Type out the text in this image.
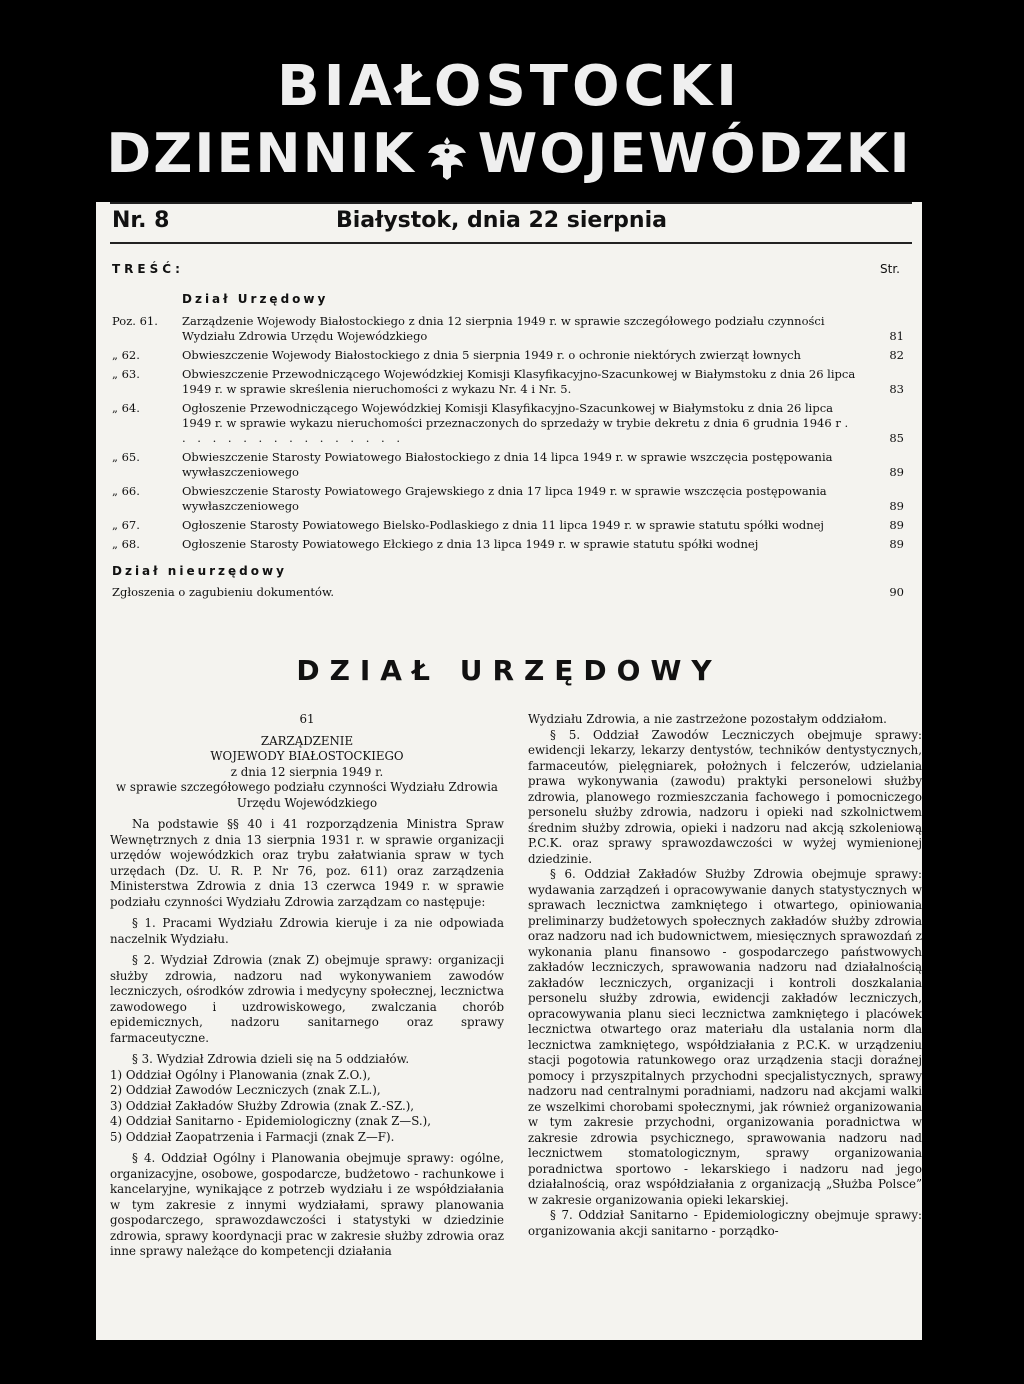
BIAŁOSTOCKI
DZIENNIK WOJEWÓDZKI
Nr. 8	Białystok, dnia 22 sierpnia
TREŚĆ:	Str.
Dział Urzędowy
Poz. 61.	Zarządzenie Wojewody Białostockiego z dnia 12 sierpnia 1949 r. w sprawie szczegółowego podziału czynności Wydziału Zdrowia Urzędu Wojewódzkiego	81
„ 62.	Obwieszczenie Wojewody Białostockiego z dnia 5 sierpnia 1949 r. o ochronie niektórych zwierząt łownych	82
„ 63.	Obwieszczenie Przewodniczącego Wojewódzkiej Komisji Klasyfikacyjno-Szacunkowej w Białymstoku z dnia 26 lipca 1949 r. w sprawie skreślenia nieruchomości z wykazu Nr. 4 i Nr. 5.	83
„ 64.	Ogłoszenie Przewodniczącego Wojewódzkiej Komisji Klasyfikacyjno-Szacunkowej w Białymstoku z dnia 26 lipca 1949 r. w sprawie wykazu nieruchomości przeznaczonych do sprzedaży w trybie dekretu z dnia 6 grudnia 1946 r . . . . . . . . . . . . . . . .	85
„ 65.	Obwieszczenie Starosty Powiatowego Białostockiego z dnia 14 lipca 1949 r. w sprawie wszczęcia postępowania wywłaszczeniowego	89
„ 66.	Obwieszczenie Starosty Powiatowego Grajewskiego z dnia 17 lipca 1949 r. w sprawie wszczęcia postępowania wywłaszczeniowego	89
„ 67.	Ogłoszenie Starosty Powiatowego Bielsko-Podlaskiego z dnia 11 lipca 1949 r. w sprawie statutu spółki wodnej	89
„ 68.	Ogłoszenie Starosty Powiatowego Ełckiego z dnia 13 lipca 1949 r. w sprawie statutu spółki wodnej	89
Dział nieurzędowy
Zgłoszenia o zagubieniu dokumentów.	90
DZIAŁ URZĘDOWY

61

ZARZĄDZENIE

WOJEWODY BIAŁOSTOCKIEGO

z dnia 12 sierpnia 1949 r.

w sprawie szczegółowego podziału czynności Wydziału Zdrowia Urzędu Wojewódzkiego

Na podstawie §§ 40 i 41 rozporządzenia Ministra Spraw Wewnętrznych z dnia 13 sierpnia 1931 r. w sprawie organizacji urzędów wojewódzkich oraz trybu załatwiania spraw w tych urzędach (Dz. U. R. P. Nr 76, poz. 611) oraz zarządzenia Ministerstwa Zdrowia z dnia 13 czerwca 1949 r. w sprawie podziału czynności Wydziału Zdrowia zarządzam co następuje:

§ 1. Pracami Wydziału Zdrowia kieruje i za nie odpowiada naczelnik Wydziału.

§ 2. Wydział Zdrowia (znak Z) obejmuje sprawy: organizacji służby zdrowia, nadzoru nad wykonywaniem zawodów leczniczych, ośrodków zdrowia i medycyny społecznej, lecznictwa zawodowego i uzdrowiskowego, zwalczania chorób epidemicznych, nadzoru sanitarnego oraz sprawy farmaceutyczne.

§ 3. Wydział Zdrowia dzieli się na 5 oddziałów.

1) Oddział Ogólny i Planowania (znak Z.O.),

2) Oddział Zawodów Leczniczych (znak Z.L.),

3) Oddział Zakładów Służby Zdrowia (znak Z.-SZ.),

4) Oddział Sanitarno - Epidemiologiczny (znak Z—S.),

5) Oddział Zaopatrzenia i Farmacji (znak Z—F).

§ 4. Oddział Ogólny i Planowania obejmuje sprawy: ogólne, organizacyjne, osobowe, gospodarcze, budżetowo - rachunkowe i kancelaryjne, wynikające z potrzeb wydziału i ze współdziałania w tym zakresie z innymi wydziałami, sprawy planowania gospodarczego, sprawozdawczości i statystyki w dziedzinie zdrowia, sprawy koordynacji prac w zakresie służby zdrowia oraz inne sprawy należące do kompetencji działania

Wydziału Zdrowia, a nie zastrzeżone pozostałym oddziałom.

§ 5. Oddział Zawodów Leczniczych obejmuje sprawy: ewidencji lekarzy, lekarzy dentystów, techników dentystycznych, farmaceutów, pielęgniarek, położnych i felczerów, udzielania prawa wykonywania (zawodu) praktyki personelowi służby zdrowia, planowego rozmieszczania fachowego i pomocniczego personelu służby zdrowia, nadzoru i opieki nad szkolnictwem średnim służby zdrowia, opieki i nadzoru nad akcją szkoleniową P.C.K. oraz sprawy sprawozdawczości w wyżej wymienionej dziedzinie.

§ 6. Oddział Zakładów Służby Zdrowia obejmuje sprawy: wydawania zarządzeń i opracowywanie danych statystycznych w sprawach lecznictwa zamkniętego i otwartego, opiniowania preliminarzy budżetowych społecznych zakładów służby zdrowia oraz nadzoru nad ich budownictwem, miesięcznych sprawozdań z wykonania planu finansowo - gospodarczego państwowych zakładów leczniczych, sprawowania nadzoru nad działalnością zakładów leczniczych, organizacji i kontroli doszkalania personelu służby zdrowia, ewidencji zakładów leczniczych, opracowywania planu sieci lecznictwa zamkniętego i placówek lecznictwa otwartego oraz materiału dla ustalania norm dla lecznictwa zamkniętego, współdziałania z P.C.K. w urządzeniu stacji pogotowia ratunkowego oraz urządzenia stacji doraźnej pomocy i przyszpitalnych przychodni specjalistycznych, sprawy nadzoru nad centralnymi poradniami, nadzoru nad akcjami walki ze wszelkimi chorobami społecznymi, jak również organizowania w tym zakresie przychodni, organizowania poradnictwa w zakresie zdrowia psychicznego, sprawowania nadzoru nad lecznictwem stomatologicznym, sprawy organizowania poradnictwa sportowo - lekarskiego i nadzoru nad jego działalnością, oraz współdziałania z organizacją „Służba Polsce” w zakresie organizowania opieki lekarskiej.

§ 7. Oddział Sanitarno - Epidemiologiczny obejmuje sprawy: organizowania akcji sanitarno - porządko-
